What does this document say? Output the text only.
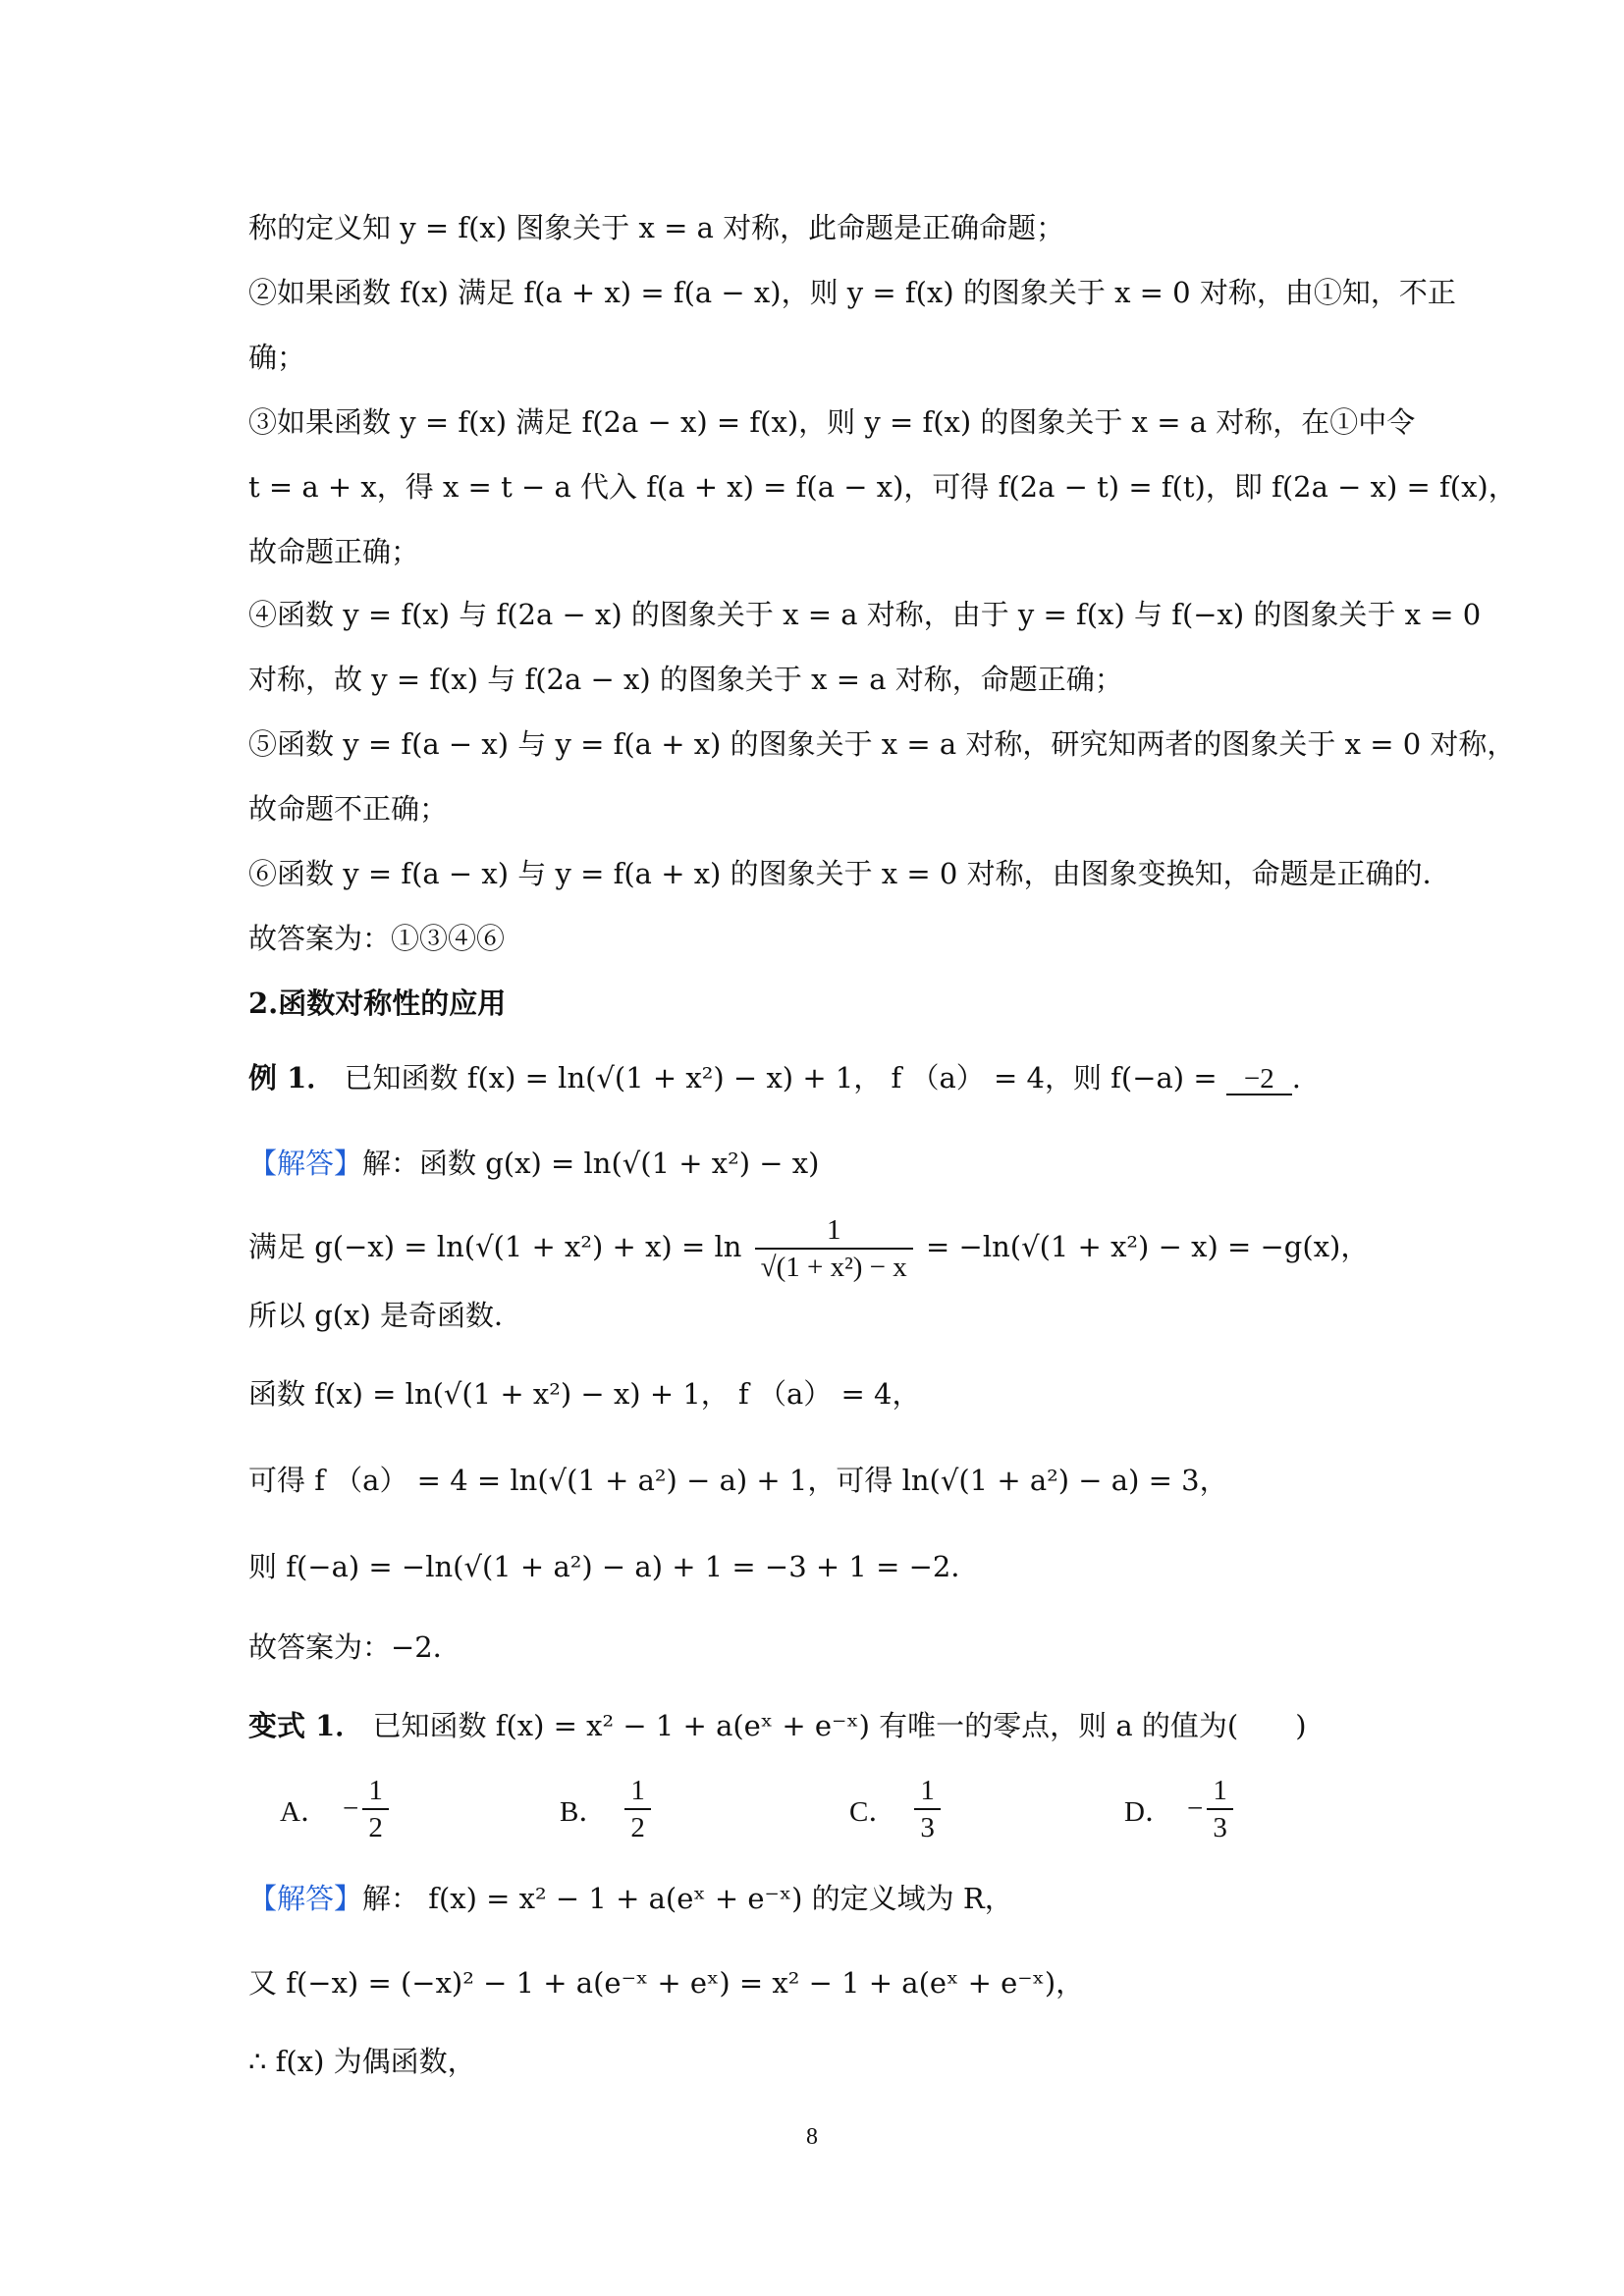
称的定义知 y = f(x) 图象关于 x = a 对称，此命题是正确命题；
②如果函数 f(x) 满足 f(a + x) = f(a − x)，则 y = f(x) 的图象关于 x = 0 对称，由①知，不正
确；
③如果函数 y = f(x) 满足 f(2a − x) = f(x)，则 y = f(x) 的图象关于 x = a 对称，在①中令
t = a + x，得 x = t − a 代入 f(a + x) = f(a − x)，可得 f(2a − t) = f(t)，即 f(2a − x) = f(x)，
故命题正确；
④函数 y = f(x) 与 f(2a − x) 的图象关于 x = a 对称，由于 y = f(x) 与 f(−x) 的图象关于 x = 0
对称，故 y = f(x) 与 f(2a − x) 的图象关于 x = a 对称，命题正确；
⑤函数 y = f(a − x) 与 y = f(a + x) 的图象关于 x = a 对称，研究知两者的图象关于 x = 0 对称，
故命题不正确；
⑥函数 y = f(a − x) 与 y = f(a + x) 的图象关于 x = 0 对称，由图象变换知，命题是正确的．
故答案为：①③④⑥
2.函数对称性的应用
例 1． 已知函数 f(x) = ln(√(1 + x²) − x) + 1， f （a） = 4，则 f(−a) = −2 .
【解答】解：函数 g(x) = ln(√(1 + x²) − x)
满足 $g(-x) = \ln(√(1 + x^2) + x) = \ln \frac{1}{\text{√(1 + x²) − x}} = -\ln(√(1 + x^2) - x) = -g(x)$，
所以 g(x) 是奇函数．
函数 f(x) = ln(√(1 + x²) − x) + 1， f （a） = 4，
可得 f （a） = 4 = ln(√(1 + a²) − a) + 1，可得 ln(√(1 + a²) − a) = 3，
则 f(−a) = −ln(√(1 + a²) − a) + 1 = −3 + 1 = −2．
故答案为：−2．
变式 1． 已知函数 f(x) = x² − 1 + a(eˣ + e⁻ˣ) 有唯一的零点，则 a 的值为(　　)
A． − $\frac{1}{2}$	B． $\frac{1}{2}$	C． $\frac{1}{3}$	D． − $\frac{1}{3}$
【解答】解： f(x) = x² − 1 + a(eˣ + e⁻ˣ) 的定义域为 R，
又 f(−x) = (−x)² − 1 + a(e⁻ˣ + eˣ) = x² − 1 + a(eˣ + e⁻ˣ)，
∴ f(x) 为偶函数，
8
